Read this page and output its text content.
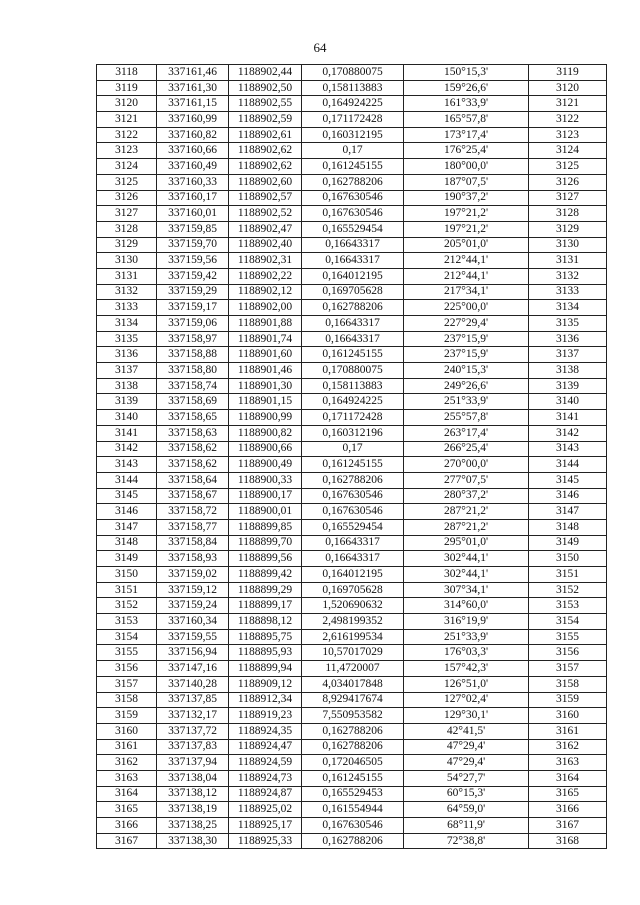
64
3118	337161,46	1188902,44	0,170880075	150°15,3'	3119
3119	337161,30	1188902,50	0,158113883	159°26,6'	3120
3120	337161,15	1188902,55	0,164924225	161°33,9'	3121
3121	337160,99	1188902,59	0,171172428	165°57,8'	3122
3122	337160,82	1188902,61	0,160312195	173°17,4'	3123
3123	337160,66	1188902,62	0,17	176°25,4'	3124
3124	337160,49	1188902,62	0,161245155	180°00,0'	3125
3125	337160,33	1188902,60	0,162788206	187°07,5'	3126
3126	337160,17	1188902,57	0,167630546	190°37,2'	3127
3127	337160,01	1188902,52	0,167630546	197°21,2'	3128
3128	337159,85	1188902,47	0,165529454	197°21,2'	3129
3129	337159,70	1188902,40	0,16643317	205°01,0'	3130
3130	337159,56	1188902,31	0,16643317	212°44,1'	3131
3131	337159,42	1188902,22	0,164012195	212°44,1'	3132
3132	337159,29	1188902,12	0,169705628	217°34,1'	3133
3133	337159,17	1188902,00	0,162788206	225°00,0'	3134
3134	337159,06	1188901,88	0,16643317	227°29,4'	3135
3135	337158,97	1188901,74	0,16643317	237°15,9'	3136
3136	337158,88	1188901,60	0,161245155	237°15,9'	3137
3137	337158,80	1188901,46	0,170880075	240°15,3'	3138
3138	337158,74	1188901,30	0,158113883	249°26,6'	3139
3139	337158,69	1188901,15	0,164924225	251°33,9'	3140
3140	337158,65	1188900,99	0,171172428	255°57,8'	3141
3141	337158,63	1188900,82	0,160312196	263°17,4'	3142
3142	337158,62	1188900,66	0,17	266°25,4'	3143
3143	337158,62	1188900,49	0,161245155	270°00,0'	3144
3144	337158,64	1188900,33	0,162788206	277°07,5'	3145
3145	337158,67	1188900,17	0,167630546	280°37,2'	3146
3146	337158,72	1188900,01	0,167630546	287°21,2'	3147
3147	337158,77	1188899,85	0,165529454	287°21,2'	3148
3148	337158,84	1188899,70	0,16643317	295°01,0'	3149
3149	337158,93	1188899,56	0,16643317	302°44,1'	3150
3150	337159,02	1188899,42	0,164012195	302°44,1'	3151
3151	337159,12	1188899,29	0,169705628	307°34,1'	3152
3152	337159,24	1188899,17	1,520690632	314°60,0'	3153
3153	337160,34	1188898,12	2,498199352	316°19,9'	3154
3154	337159,55	1188895,75	2,616199534	251°33,9'	3155
3155	337156,94	1188895,93	10,57017029	176°03,3'	3156
3156	337147,16	1188899,94	11,4720007	157°42,3'	3157
3157	337140,28	1188909,12	4,034017848	126°51,0'	3158
3158	337137,85	1188912,34	8,929417674	127°02,4'	3159
3159	337132,17	1188919,23	7,550953582	129°30,1'	3160
3160	337137,72	1188924,35	0,162788206	42°41,5'	3161
3161	337137,83	1188924,47	0,162788206	47°29,4'	3162
3162	337137,94	1188924,59	0,172046505	47°29,4'	3163
3163	337138,04	1188924,73	0,161245155	54°27,7'	3164
3164	337138,12	1188924,87	0,165529453	60°15,3'	3165
3165	337138,19	1188925,02	0,161554944	64°59,0'	3166
3166	337138,25	1188925,17	0,167630546	68°11,9'	3167
3167	337138,30	1188925,33	0,162788206	72°38,8'	3168
